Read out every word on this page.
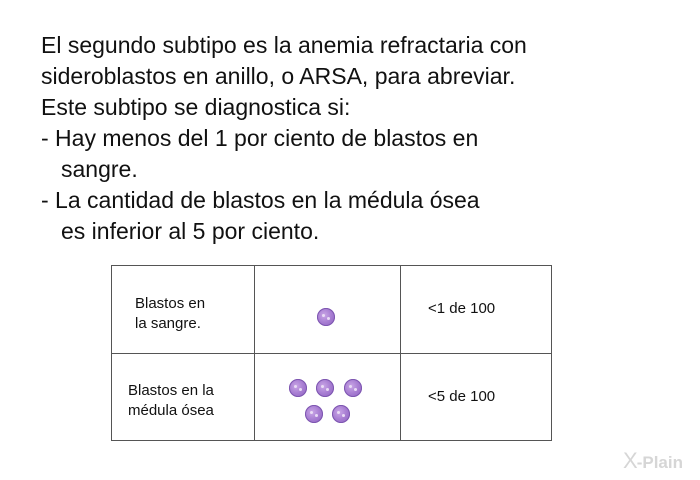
El segundo subtipo es la anemia refractaria con

sideroblastos en anillo, o ARSA, para abreviar.

Este subtipo se diagnostica si:

- Hay menos del 1 por ciento de blastos en

sangre.

- La cantidad de blastos en la médula ósea

es inferior al 5 por ciento.

Blastos en
la sangre.
<1 de 100
Blastos en la
médula ósea
<5 de 100
X-Plain
